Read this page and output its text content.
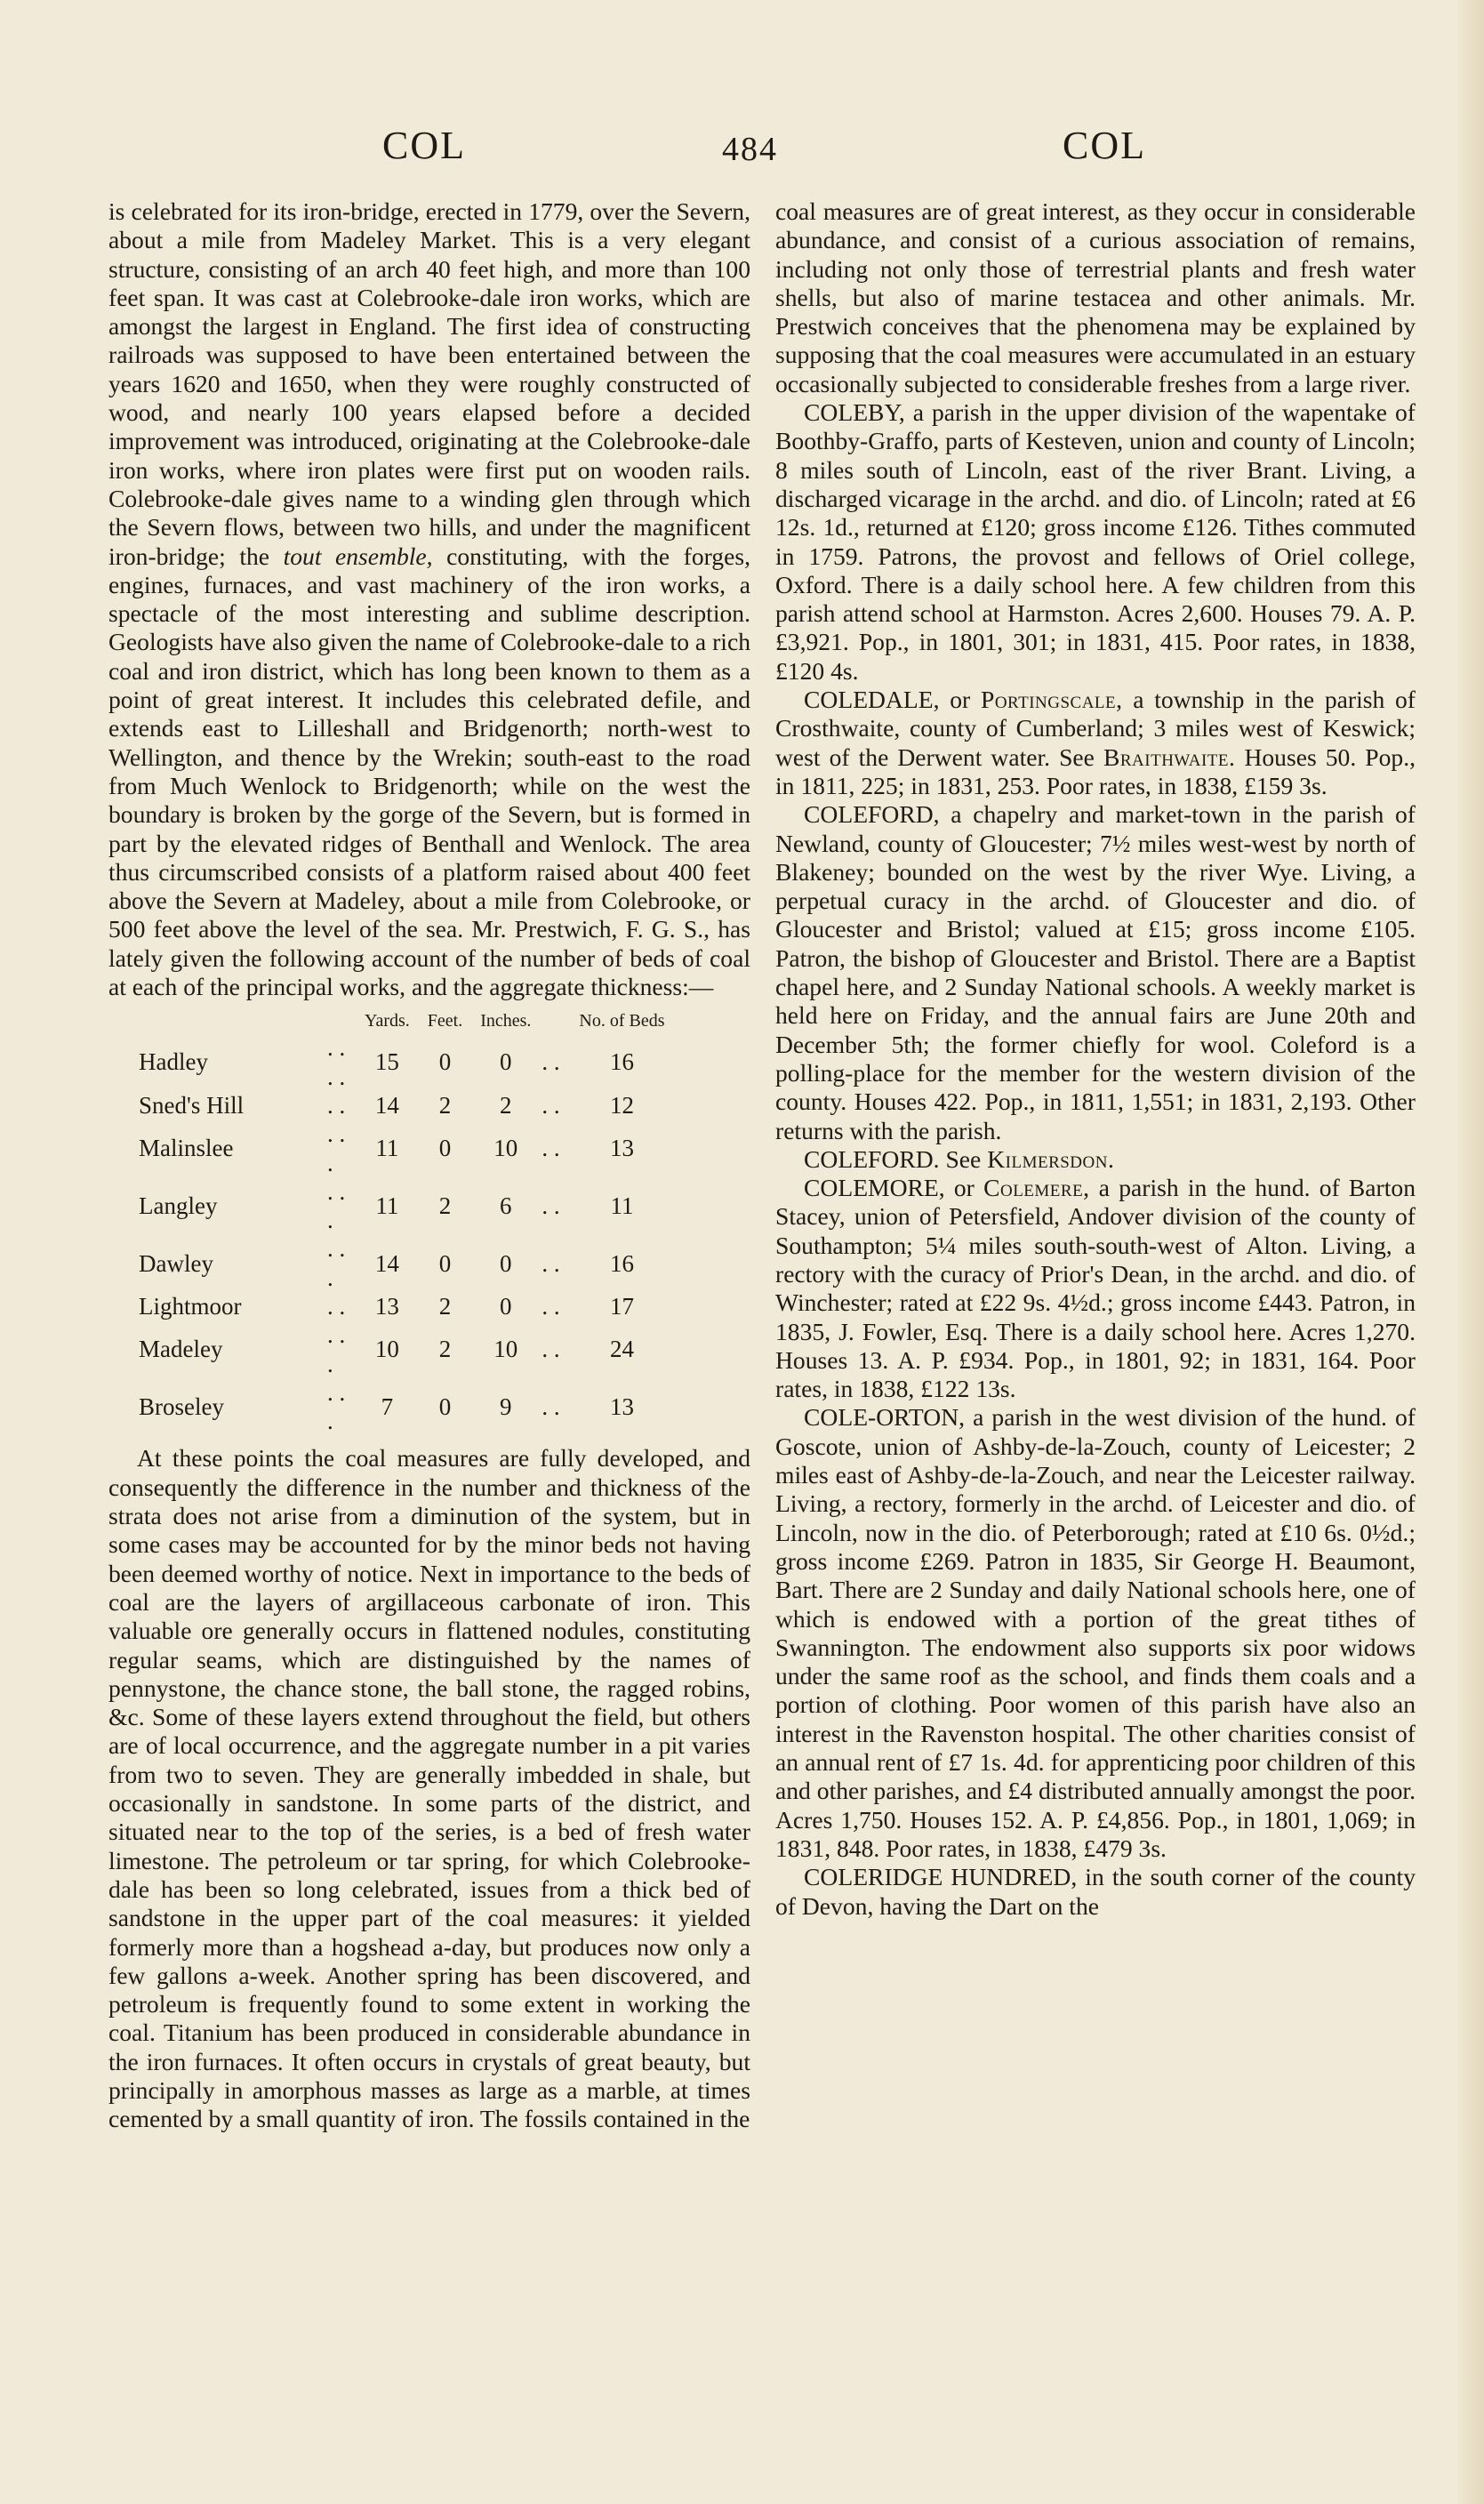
COL	484	COL

is celebrated for its iron-bridge, erected in 1779, over the Severn, about a mile from Madeley Market. This is a very elegant structure, consisting of an arch 40 feet high, and more than 100 feet span. It was cast at Colebrooke-dale iron works, which are amongst the largest in England. The first idea of constructing railroads was supposed to have been entertained between the years 1620 and 1650, when they were roughly constructed of wood, and nearly 100 years elapsed before a decided improvement was introduced, originating at the Colebrooke-dale iron works, where iron plates were first put on wooden rails. Colebrooke-dale gives name to a winding glen through which the Severn flows, between two hills, and under the magnificent iron-bridge; the tout ensemble, constituting, with the forges, engines, furnaces, and vast machinery of the iron works, a spectacle of the most interesting and sublime description. Geologists have also given the name of Colebrooke-dale to a rich coal and iron district, which has long been known to them as a point of great interest. It includes this celebrated defile, and extends east to Lilleshall and Bridgenorth; north-west to Wellington, and thence by the Wrekin; south-east to the road from Much Wenlock to Bridgenorth; while on the west the boundary is broken by the gorge of the Severn, but is formed in part by the elevated ridges of Benthall and Wenlock. The area thus circumscribed consists of a platform raised about 400 feet above the Severn at Madeley, about a mile from Colebrooke, or 500 feet above the level of the sea. Mr. Prestwich, F. G. S., has lately given the following account of the number of beds of coal at each of the principal works, and the aggregate thickness:—

		Yards.	Feet.	Inches.		No. of Beds
Hadley	. . . .	15	0	0	. .	16
Sned's Hill	. .	14	2	2	. .	12
Malinslee	. . .	11	0	10	. .	13
Langley	. . .	11	2	6	. .	11
Dawley	. . .	14	0	0	. .	16
Lightmoor	. .	13	2	0	. .	17
Madeley	. . .	10	2	10	. .	24
Broseley	. . .	7	0	9	. .	13

At these points the coal measures are fully developed, and consequently the difference in the number and thickness of the strata does not arise from a diminution of the system, but in some cases may be accounted for by the minor beds not having been deemed worthy of notice. Next in importance to the beds of coal are the layers of argillaceous carbonate of iron. This valuable ore generally occurs in flattened nodules, constituting regular seams, which are distinguished by the names of pennystone, the chance stone, the ball stone, the ragged robins, &c. Some of these layers extend throughout the field, but others are of local occurrence, and the aggregate number in a pit varies from two to seven. They are generally imbedded in shale, but occasionally in sandstone. In some parts of the district, and situated near to the top of the series, is a bed of fresh water limestone. The petroleum or tar spring, for which Colebrooke-dale has been so long celebrated, issues from a thick bed of sandstone in the upper part of the coal measures: it yielded formerly more than a hogshead a-day, but produces now only a few gallons a-week. Another spring has been discovered, and petroleum is frequently found to some extent in working the coal. Titanium has been produced in considerable abundance in the iron furnaces. It often occurs in crystals of great beauty, but principally in amorphous masses as large as a marble, at times cemented by a small quantity of iron. The fossils contained in the

coal measures are of great interest, as they occur in considerable abundance, and consist of a curious association of remains, including not only those of terrestrial plants and fresh water shells, but also of marine testacea and other animals. Mr. Prestwich conceives that the phenomena may be explained by supposing that the coal measures were accumulated in an estuary occasionally subjected to considerable freshes from a large river.

COLEBY, a parish in the upper division of the wapentake of Boothby-Graffo, parts of Kesteven, union and county of Lincoln; 8 miles south of Lincoln, east of the river Brant. Living, a discharged vicarage in the archd. and dio. of Lincoln; rated at £6 12s. 1d., returned at £120; gross income £126. Tithes commuted in 1759. Patrons, the provost and fellows of Oriel college, Oxford. There is a daily school here. A few children from this parish attend school at Harmston. Acres 2,600. Houses 79. A. P. £3,921. Pop., in 1801, 301; in 1831, 415. Poor rates, in 1838, £120 4s.

COLEDALE, or Portingscale, a township in the parish of Crosthwaite, county of Cumberland; 3 miles west of Keswick; west of the Derwent water. See Braithwaite. Houses 50. Pop., in 1811, 225; in 1831, 253. Poor rates, in 1838, £159 3s.

COLEFORD, a chapelry and market-town in the parish of Newland, county of Gloucester; 7½ miles west-west by north of Blakeney; bounded on the west by the river Wye. Living, a perpetual curacy in the archd. of Gloucester and dio. of Gloucester and Bristol; valued at £15; gross income £105. Patron, the bishop of Gloucester and Bristol. There are a Baptist chapel here, and 2 Sunday National schools. A weekly market is held here on Friday, and the annual fairs are June 20th and December 5th; the former chiefly for wool. Coleford is a polling-place for the member for the western division of the county. Houses 422. Pop., in 1811, 1,551; in 1831, 2,193. Other returns with the parish.

COLEFORD. See Kilmersdon.

COLEMORE, or Colemere, a parish in the hund. of Barton Stacey, union of Petersfield, Andover division of the county of Southampton; 5¼ miles south-south-west of Alton. Living, a rectory with the curacy of Prior's Dean, in the archd. and dio. of Winchester; rated at £22 9s. 4½d.; gross income £443. Patron, in 1835, J. Fowler, Esq. There is a daily school here. Acres 1,270. Houses 13. A. P. £934. Pop., in 1801, 92; in 1831, 164. Poor rates, in 1838, £122 13s.

COLE-ORTON, a parish in the west division of the hund. of Goscote, union of Ashby-de-la-Zouch, county of Leicester; 2 miles east of Ashby-de-la-Zouch, and near the Leicester railway. Living, a rectory, formerly in the archd. of Leicester and dio. of Lincoln, now in the dio. of Peterborough; rated at £10 6s. 0½d.; gross income £269. Patron in 1835, Sir George H. Beaumont, Bart. There are 2 Sunday and daily National schools here, one of which is endowed with a portion of the great tithes of Swannington. The endowment also supports six poor widows under the same roof as the school, and finds them coals and a portion of clothing. Poor women of this parish have also an interest in the Ravenston hospital. The other charities consist of an annual rent of £7 1s. 4d. for apprenticing poor children of this and other parishes, and £4 distributed annually amongst the poor. Acres 1,750. Houses 152. A. P. £4,856. Pop., in 1801, 1,069; in 1831, 848. Poor rates, in 1838, £479 3s.

COLERIDGE HUNDRED, in the south corner of the county of Devon, having the Dart on the
